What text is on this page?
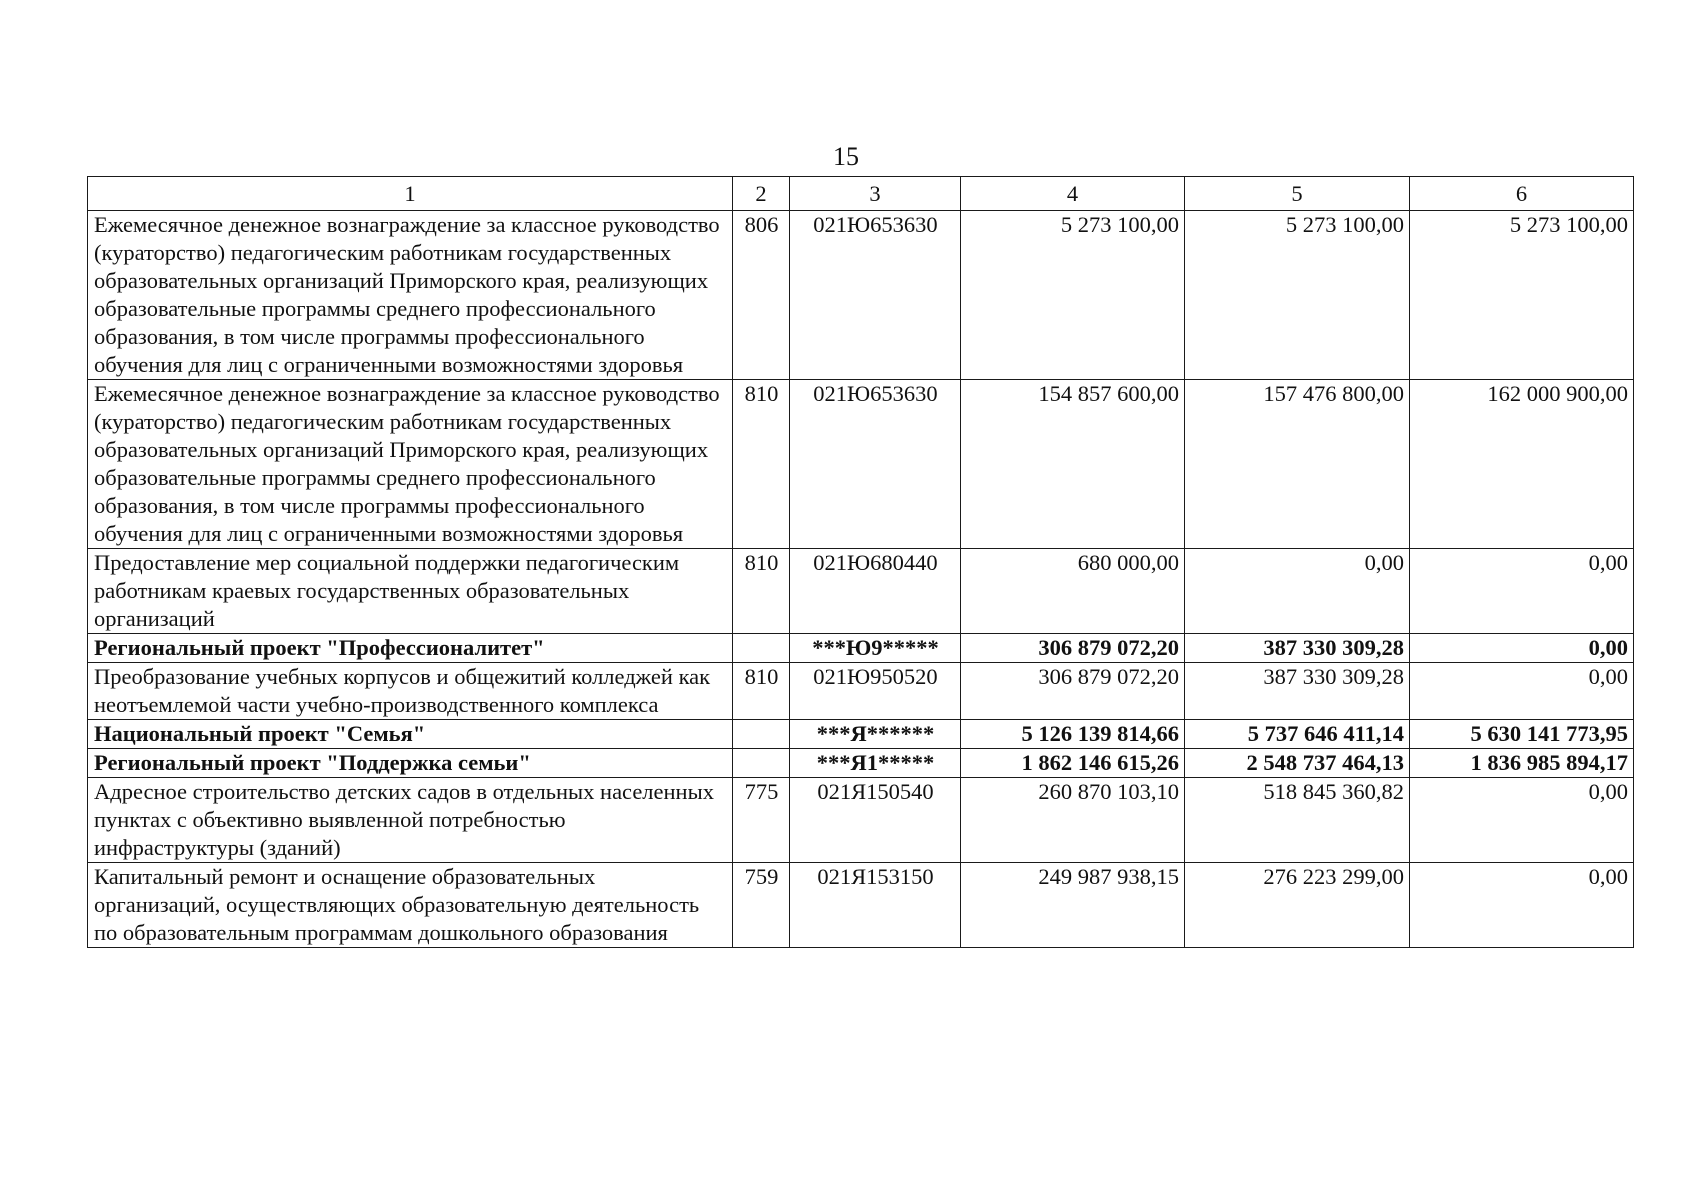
15
1	2	3	4	5	6
Ежемесячное денежное вознаграждение за классное руководство (кураторство) педагогическим работникам государственных образовательных организаций Приморского края, реализующих образовательные программы среднего профессионального образования, в том числе программы профессионального обучения для лиц с ограниченными возможностями здоровья	806	021Ю653630	5 273 100,00	5 273 100,00	5 273 100,00
Ежемесячное денежное вознаграждение за классное руководство (кураторство) педагогическим работникам государственных образовательных организаций Приморского края, реализующих образовательные программы среднего профессионального образования, в том числе программы профессионального обучения для лиц с ограниченными возможностями здоровья	810	021Ю653630	154 857 600,00	157 476 800,00	162 000 900,00
Предоставление мер социальной поддержки педагогическим работникам краевых государственных образовательных организаций	810	021Ю680440	680 000,00	0,00	0,00
Региональный проект "Профессионалитет"		***Ю9*****	306 879 072,20	387 330 309,28	0,00
Преобразование учебных корпусов и общежитий колледжей как неотъемлемой части учебно-производственного комплекса	810	021Ю950520	306 879 072,20	387 330 309,28	0,00
Национальный проект "Семья"		***Я******	5 126 139 814,66	5 737 646 411,14	5 630 141 773,95
Региональный проект "Поддержка семьи"		***Я1*****	1 862 146 615,26	2 548 737 464,13	1 836 985 894,17
Адресное строительство детских садов в отдельных населенных пунктах с объективно выявленной потребностью инфраструктуры (зданий)	775	021Я150540	260 870 103,10	518 845 360,82	0,00
Капитальный ремонт и оснащение образовательных организаций, осуществляющих образовательную деятельность по образовательным программам дошкольного образования	759	021Я153150	249 987 938,15	276 223 299,00	0,00
